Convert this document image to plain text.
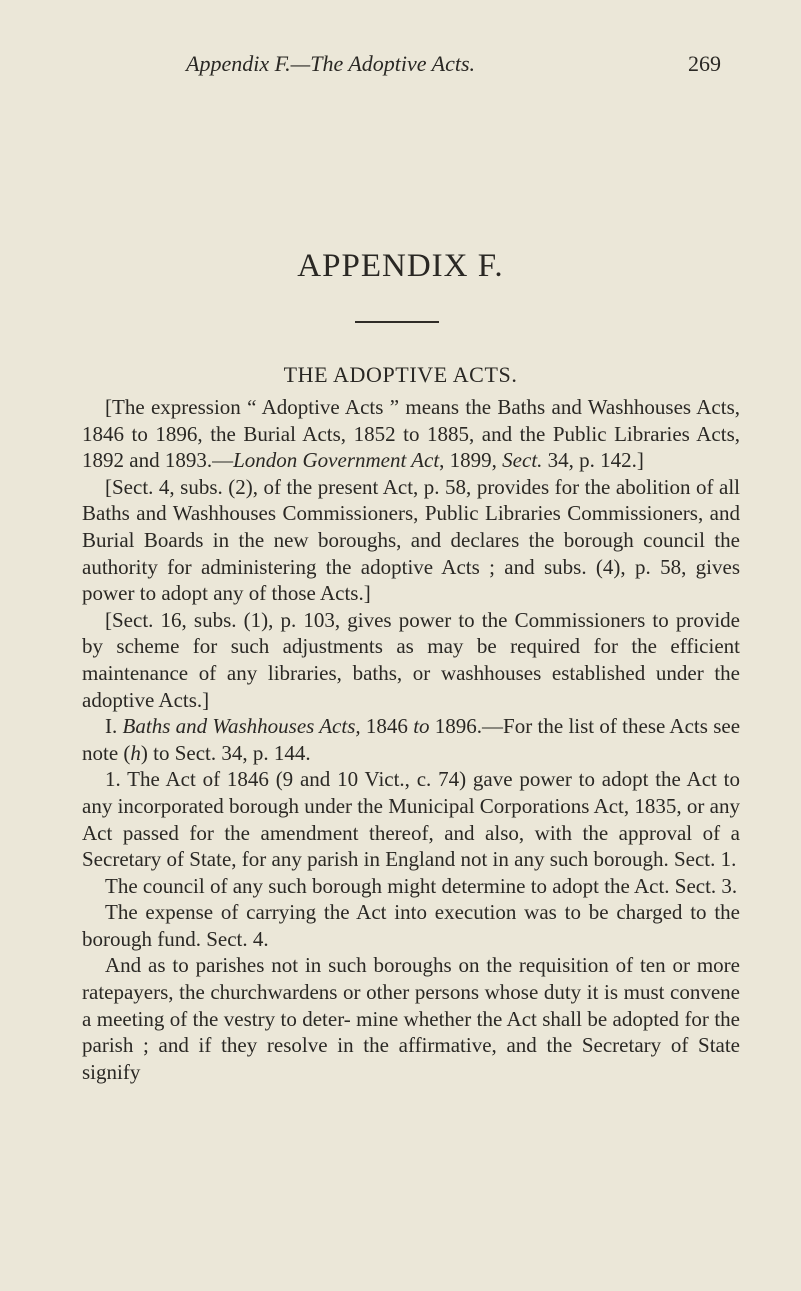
Appendix F.—The Adoptive Acts.	269
APPENDIX F.
THE ADOPTIVE ACTS.

[The expression “ Adoptive Acts ” means the Baths and Washhouses Acts, 1846 to 1896, the Burial Acts, 1852 to 1885, and the Public Libraries Acts, 1892 and 1893.—London Government Act, 1899, Sect. 34, p. 142.]

[Sect. 4, subs. (2), of the present Act, p. 58, provides for the abolition of all Baths and Washhouses Commissioners, Public Libraries Commissioners, and Burial Boards in the new boroughs, and declares the borough council the authority for administering the adoptive Acts ; and subs. (4), p. 58, gives power to adopt any of those Acts.]

[Sect. 16, subs. (1), p. 103, gives power to the Commissioners to provide by scheme for such adjustments as may be required for the efficient maintenance of any libraries, baths, or washhouses established under the adoptive Acts.]

I. Baths and Washhouses Acts, 1846 to 1896.—For the list of these Acts see note (h) to Sect. 34, p. 144.

1. The Act of 1846 (9 and 10 Vict., c. 74) gave power to adopt the Act to any incorporated borough under the Municipal Corporations Act, 1835, or any Act passed for the amendment thereof, and also, with the approval of a Secretary of State, for any parish in England not in any such borough. Sect. 1.

The council of any such borough might determine to adopt the Act. Sect. 3.

The expense of carrying the Act into execution was to be charged to the borough fund. Sect. 4.

And as to parishes not in such boroughs on the requisition of ten or more ratepayers, the churchwardens or other persons whose duty it is must convene a meeting of the vestry to deter- mine whether the Act shall be adopted for the parish ; and if they resolve in the affirmative, and the Secretary of State signify
